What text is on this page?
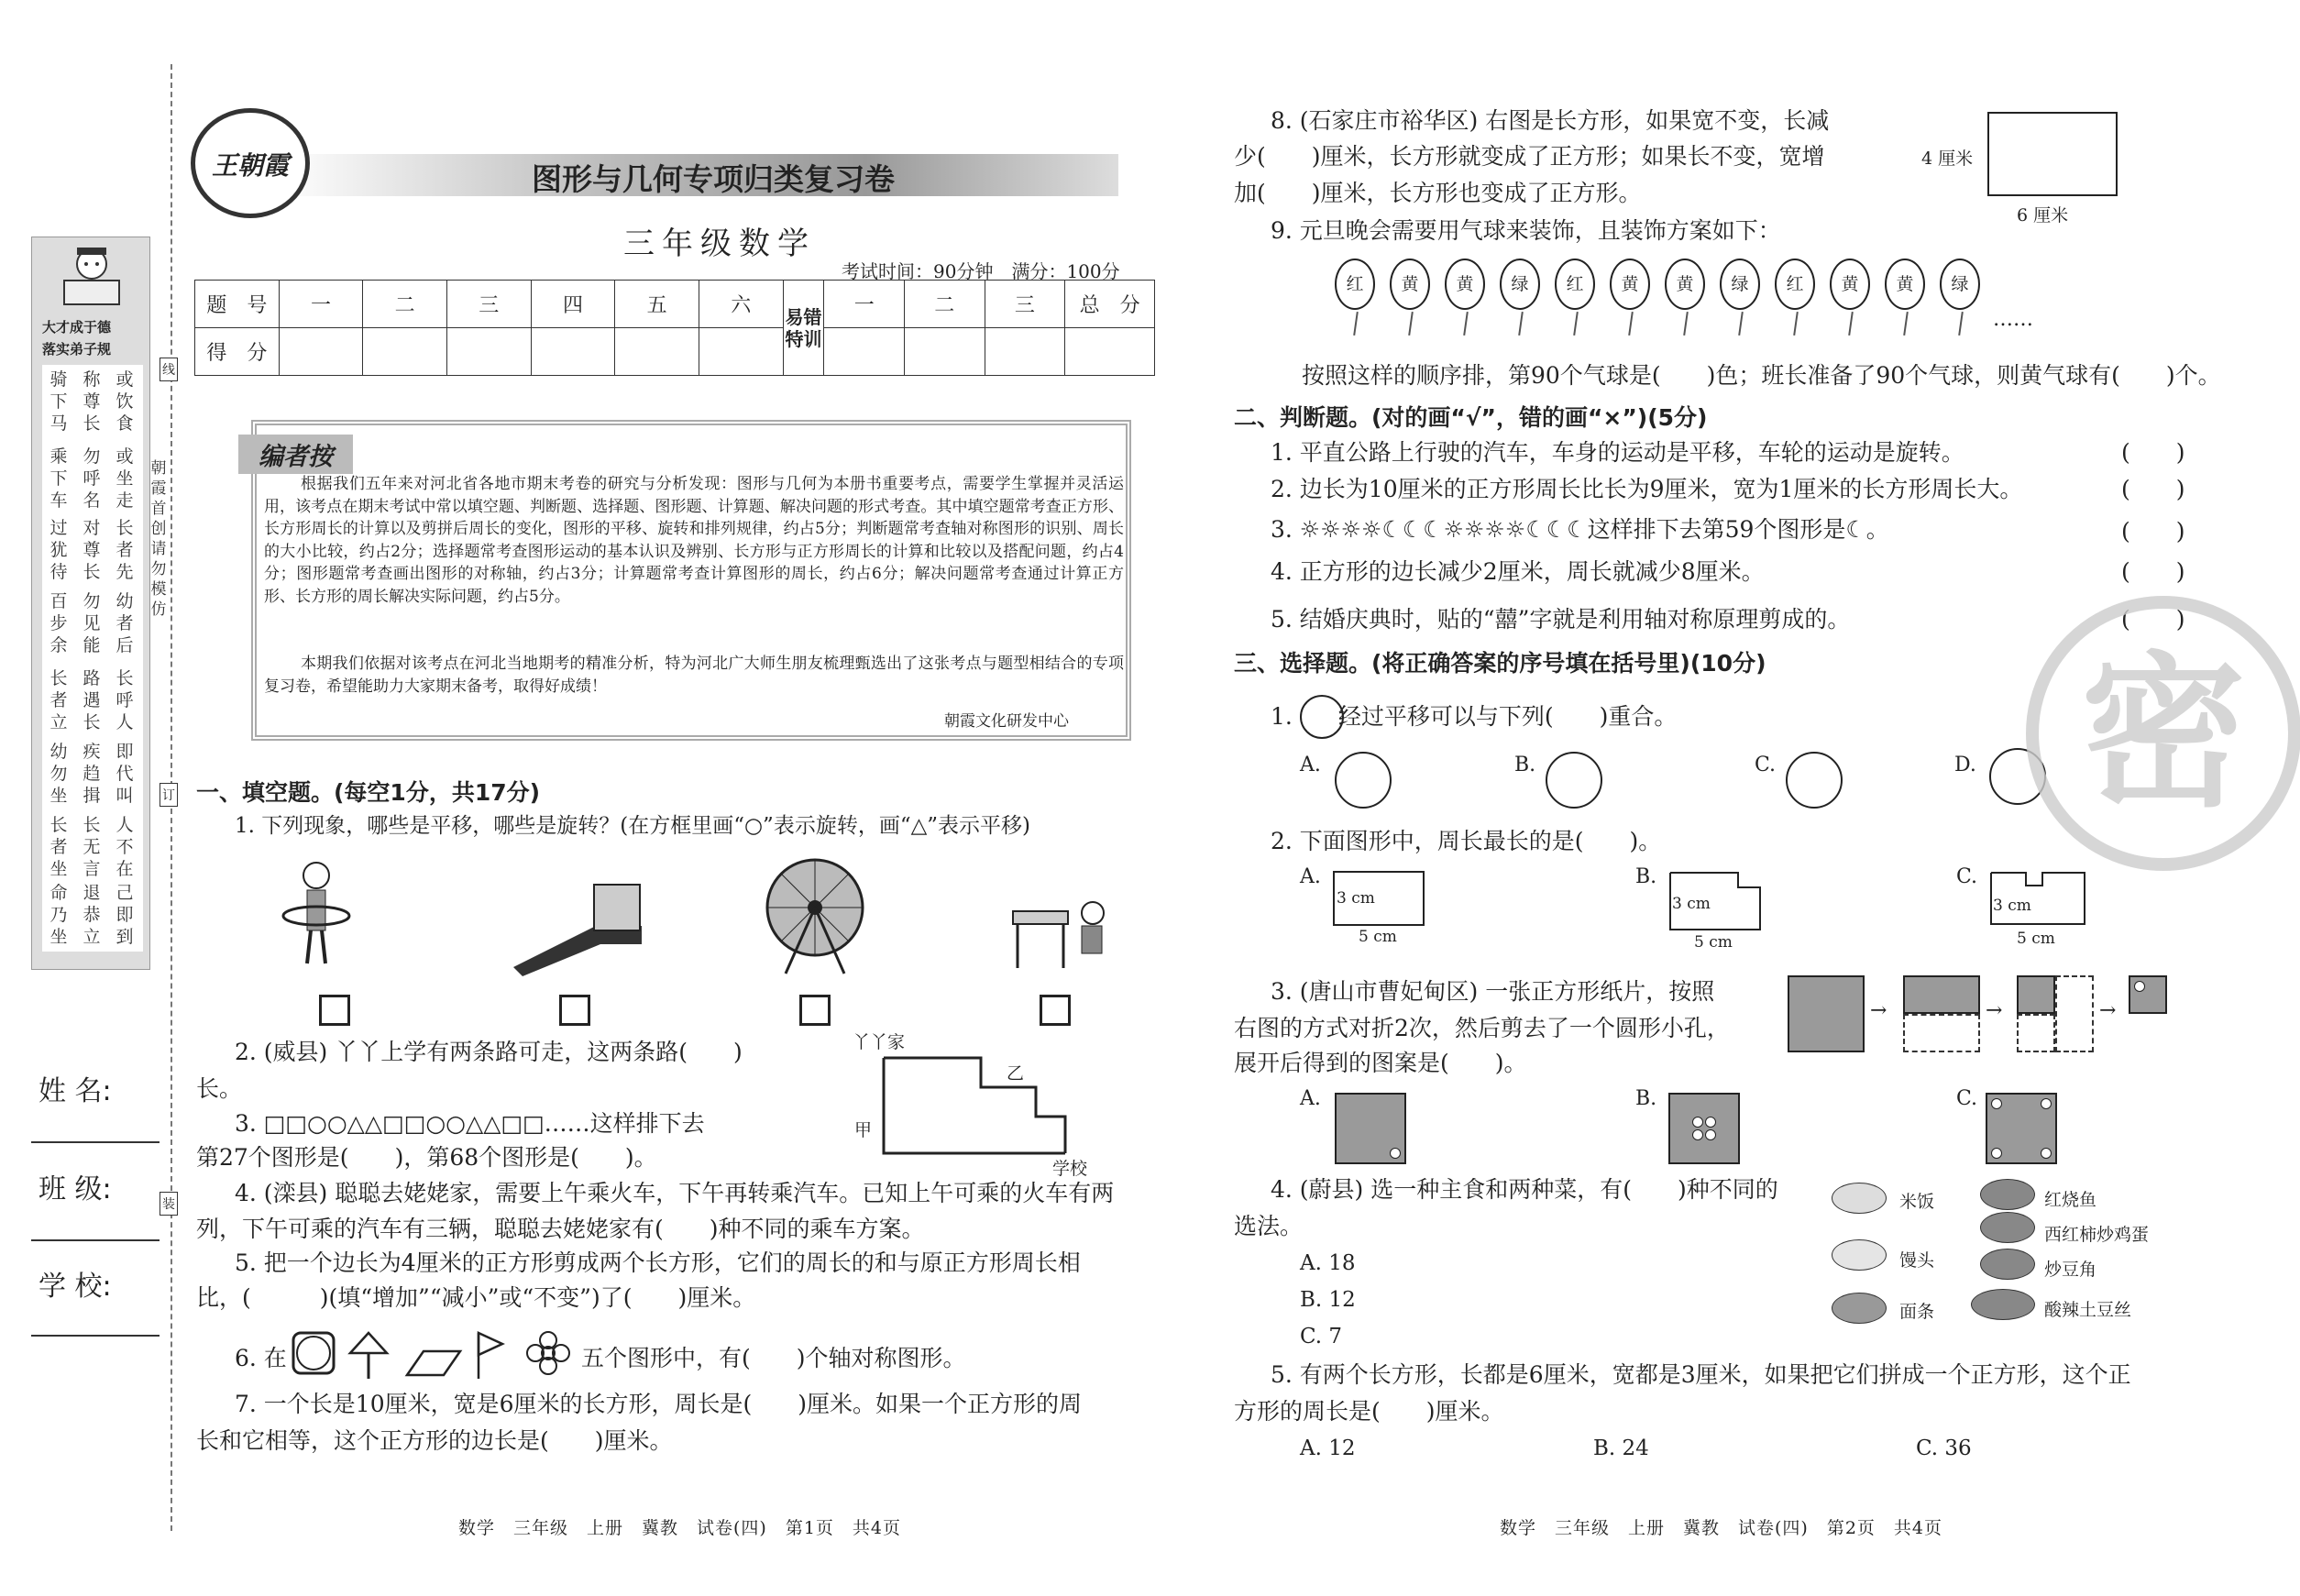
大才成于德
落实弟子规
骑下马
称尊长
或饮食
乘下车
勿呼名
或坐走
过犹待
对尊长
长者先
百步余
勿见能
幼者后
长者立
路遇长
长呼人
幼勿坐
疾趋揖
即代叫
长者坐
长无言
人不在
命乃坐
退恭立
己即到
朝霞首创　请勿模仿
线
订
装
姓 名:
班 级:
学 校:
王朝霞	图形与几何专项归类复习卷
三年级数学
考试时间：90分钟　满分：100分
题　号	一	二	三	四	五	六	易错特训	一	二	三	总　分
得　分											
编者按
根据我们五年来对河北省各地市期末考卷的研究与分析发现：图形与几何为本册书重要考点，需要学生掌握并灵活运用，该考点在期末考试中常以填空题、判断题、选择题、图形题、计算题、解决问题的形式考查。其中填空题常考查正方形、长方形周长的计算以及剪拼后周长的变化，图形的平移、旋转和排列规律，约占5分；判断题常考查轴对称图形的识别、周长的大小比较，约占2分；选择题常考查图形运动的基本认识及辨别、长方形与正方形周长的计算和比较以及搭配问题，约占4分；图形题常考查画出图形的对称轴，约占3分；计算题常考查计算图形的周长，约占6分；解决问题常考查通过计算正方形、长方形的周长解决实际问题，约占5分。
本期我们依据对该考点在河北当地期考的精准分析，特为河北广大师生朋友梳理甄选出了这张考点与题型相结合的专项复习卷，希望能助力大家期末备考，取得好成绩！
朝霞文化研发中心
一、填空题。(每空1分，共17分)
1. 下列现象，哪些是平移，哪些是旋转？(在方框里画“○”表示旋转，画“△”表示平移)
2. (威县) 丫丫上学有两条路可走，这两条路(　　)
长。
丫丫家
乙
甲
学校
3. □□○○△△□□○○△△□□……这样排下去
第27个图形是(　　)，第68个图形是(　　)。
4. (滦县) 聪聪去姥姥家，需要上午乘火车，下午再转乘汽车。已知上午可乘的火车有两
列，下午可乘的汽车有三辆，聪聪去姥姥家有(　　)种不同的乘车方案。
5. 把一个边长为4厘米的正方形剪成两个长方形，它们的周长的和与原正方形周长相
比，(　　　)(填“增加”“减小”或“不变”)了(　　)厘米。
6. 在	五个图形中，有(　　)个轴对称图形。
7. 一个长是10厘米，宽是6厘米的长方形，周长是(　　)厘米。如果一个正方形的周
长和它相等，这个正方形的边长是(　　)厘米。
数学　三年级　上册　冀教　试卷(四)　第1页　共4页
8. (石家庄市裕华区) 右图是长方形，如果宽不变，长减
少(　　)厘米，长方形就变成了正方形；如果长不变，宽增
加(　　)厘米，长方形也变成了正方形。
4 厘米
6 厘米
9. 元旦晚会需要用气球来装饰，且装饰方案如下：
红	黄	黄	绿	红	黄	黄	绿	红	黄	黄	绿
……
按照这样的顺序排，第90个气球是(　　)色；班长准备了90个气球，则黄气球有(　　)个。
二、判断题。(对的画“√”，错的画“×”)(5分)
1. 平直公路上行驶的汽车，车身的运动是平移，车轮的运动是旋转。	(　　)
2. 边长为10厘米的正方形周长比长为9厘米，宽为1厘米的长方形周长大。	(　　)
3. ☼☼☼☼☾☾☾☼☼☼☼☾☾☾这样排下去第59个图形是☾。	(　　)
4. 正方形的边长减少2厘米，周长就减少8厘米。	(　　)
5. 结婚庆典时，贴的“囍”字就是利用轴对称原理剪成的。	(　　)
三、选择题。(将正确答案的序号填在括号里)(10分)
1.　　经过平移可以与下列(　　)重合。
A.	B.	C.	D.
2. 下面图形中，周长最长的是(　　)。
A.
3 cm
5 cm
B.
3 cm
5 cm
C.
3 cm
5 cm
3. (唐山市曹妃甸区) 一张正方形纸片，按照
右图的方式对折2次，然后剪去了一个圆形小孔，
展开后得到的图案是(　　)。
→	→	→
A.	B.	C.
4. (蔚县) 选一种主食和两种菜，有(　　)种不同的
选法。
A. 18
B. 12
C. 7
米饭
馒头
面条
红烧鱼
西红柿炒鸡蛋
炒豆角
酸辣土豆丝
5. 有两个长方形，长都是6厘米，宽都是3厘米，如果把它们拼成一个正方形，这个正
方形的周长是(　　)厘米。
A. 12	B. 24	C. 36
密
数学　三年级　上册　冀教　试卷(四)　第2页　共4页
